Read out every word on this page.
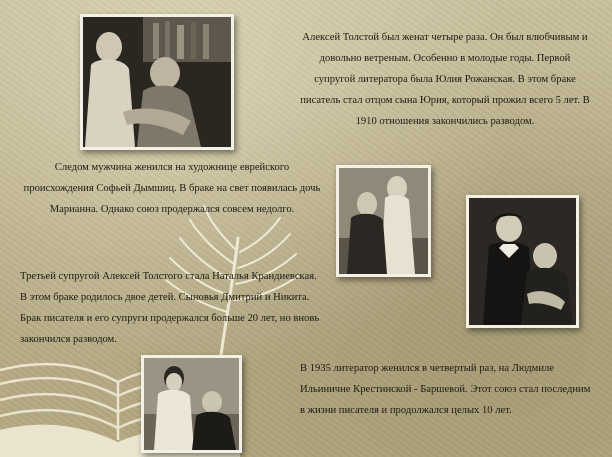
Алексей Толстой был женат четыре раза. Он был влюбчивым и довольно ветреным. Особенно в молодые годы. Первой супругой литератора была Юлия Рожанская. В этом браке писатель стал отцом сына Юрия, который прожил всего 5 лет. В 1910 отношения закончились разводом.

Следом мужчина женился на художнице еврейского происхождения Софьей Дымшиц. В браке на свет появилась дочь Марианна. Однако союз продержался совсем недолго.

Третьей супругой Алексей Толстого стала Наталья Крандиевская. В этом браке родилось двое детей. Сыновья Дмитрий и Никита. Брак писателя и его супруги продержался больше 20 лет, но вновь закончился разводом.

В 1935 литератор женился в четвертый раз, на Людмиле Ильиничне Крестинской - Баршевой. Этот союз стал последним в жизни писателя и продолжался целых 10 лет.
